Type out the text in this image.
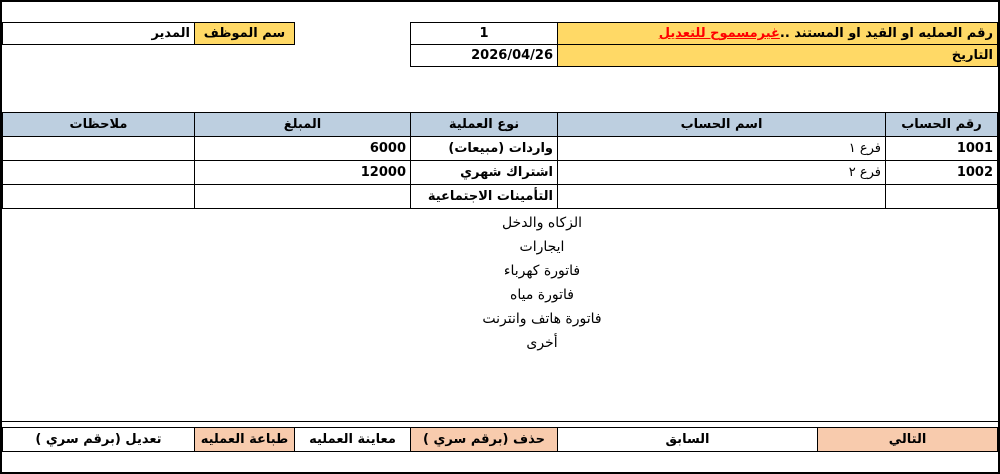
المدير	سم الموظف	1	رقم العمليه او القيد او المستند ..غيرمسموح للتعديل
2026/04/26	التاريخ
ملاحظات	المبلغ	نوع العملية	اسم الحساب	رقم الحساب
	6000	واردات (مبيعات)	فرع ١	1001
	12000	اشتراك شهري	فرع ٢	1002
		التأمينات الاجتماعية		
الزكاه والدخل
ايجارات
فاتورة كهرباء
فاتورة مياه
فاتورة هاتف وانترنت
أخرى
تعديل (برقم سري )	طباعة العمليه	معاينة العمليه	حذف (برقم سري )	السابق	التالي
